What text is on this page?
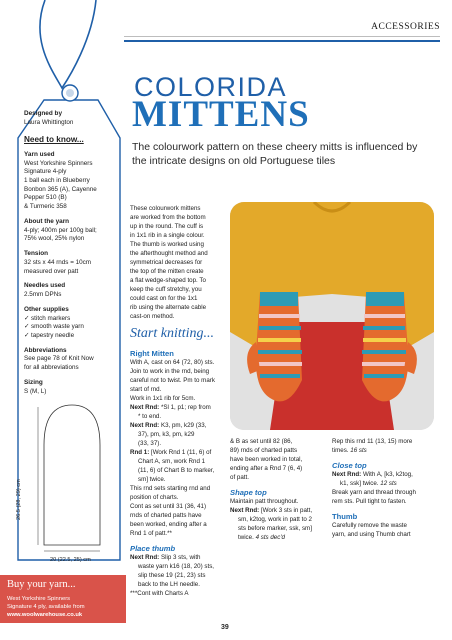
ACCESSORIES
Designed by
Laura Whittington
Need to know...
Yarn used

West Yorkshire Spinners

Signature 4-ply

1 ball each in Blueberry

Bonbon 365 (A), Cayenne

Pepper 510 (B)

& Turmeric 358

About the yarn

4-ply; 400m per 100g ball;

75% wool, 25% nylon

Tension

32 sts x 44 rnds = 10cm

measured over patt

Needles used

2.5mm DPNs

Other supplies

✓ stitch markers

✓ smooth waste yarn

✓ tapestry needle

Abbreviations

See page 78 of Knit Now

for all abbreviations

Sizing

S (M, L)

26.5 (28, 29) cm
20 (22.5, 25) cm
Buy your yarn...
West Yorkshire Spinners
Signature 4 ply, available from
www.woolwarehouse.co.uk
COLORIDA
MITTENS
The colourwork pattern on these cheery mitts is influenced by the intricate designs on old Portuguese tiles

These colourwork mittens

are worked from the bottom

up in the round. The cuff is

in 1x1 rib in a single colour.

The thumb is worked using

the afterthought method and

symmetrical decreases for

the top of the mitten create

a flat wedge-shaped top. To

keep the cuff stretchy, you

could cast on for the 1x1

rib using the alternate cable

cast-on method.

Start knitting...
Right Mitten

With A, cast on 64 (72, 80) sts.

Join to work in the rnd, being

careful not to twist. Pm to mark

start of rnd.

Work in 1x1 rib for 5cm.

Next Rnd: *Sl 1, p1; rep from

* to end.

Next Rnd: K3, pm, k29 (33,

37), pm, k3, pm, k29

(33, 37).

Rnd 1: [Work Rnd 1 (11, 6) of

Chart A, sm, work Rnd 1

(11, 6) of Chart B to marker,

sm] twice.

This rnd sets starting rnd and

position of charts.

Cont as set until 31 (36, 41)

rnds of charted patts have

been worked, ending after a

Rnd 1 of patt.**

Place thumb

Next Rnd: Slip 3 sts, with

waste yarn k16 (18, 20) sts,

slip these 19 (21, 23) sts

back to the LH needle.

***Cont with Charts A

& B as set until 82 (86,

89) rnds of charted patts

have been worked in total,

ending after a Rnd 7 (6, 4)

of patt.

Shape top

Maintain patt throughout.

Next Rnd: [Work 3 sts in patt,

sm, k2tog, work in patt to 2

sts before marker, ssk, sm]

twice. 4 sts dec'd

Rep this rnd 11 (13, 15) more

times. 16 sts

Close top

Next Rnd: With A, [k3, k2tog,

k1, ssk] twice. 12 sts

Break yarn and thread through

rem sts. Pull tight to fasten.

Thumb

Carefully remove the waste

yarn, and using Thumb chart

39
